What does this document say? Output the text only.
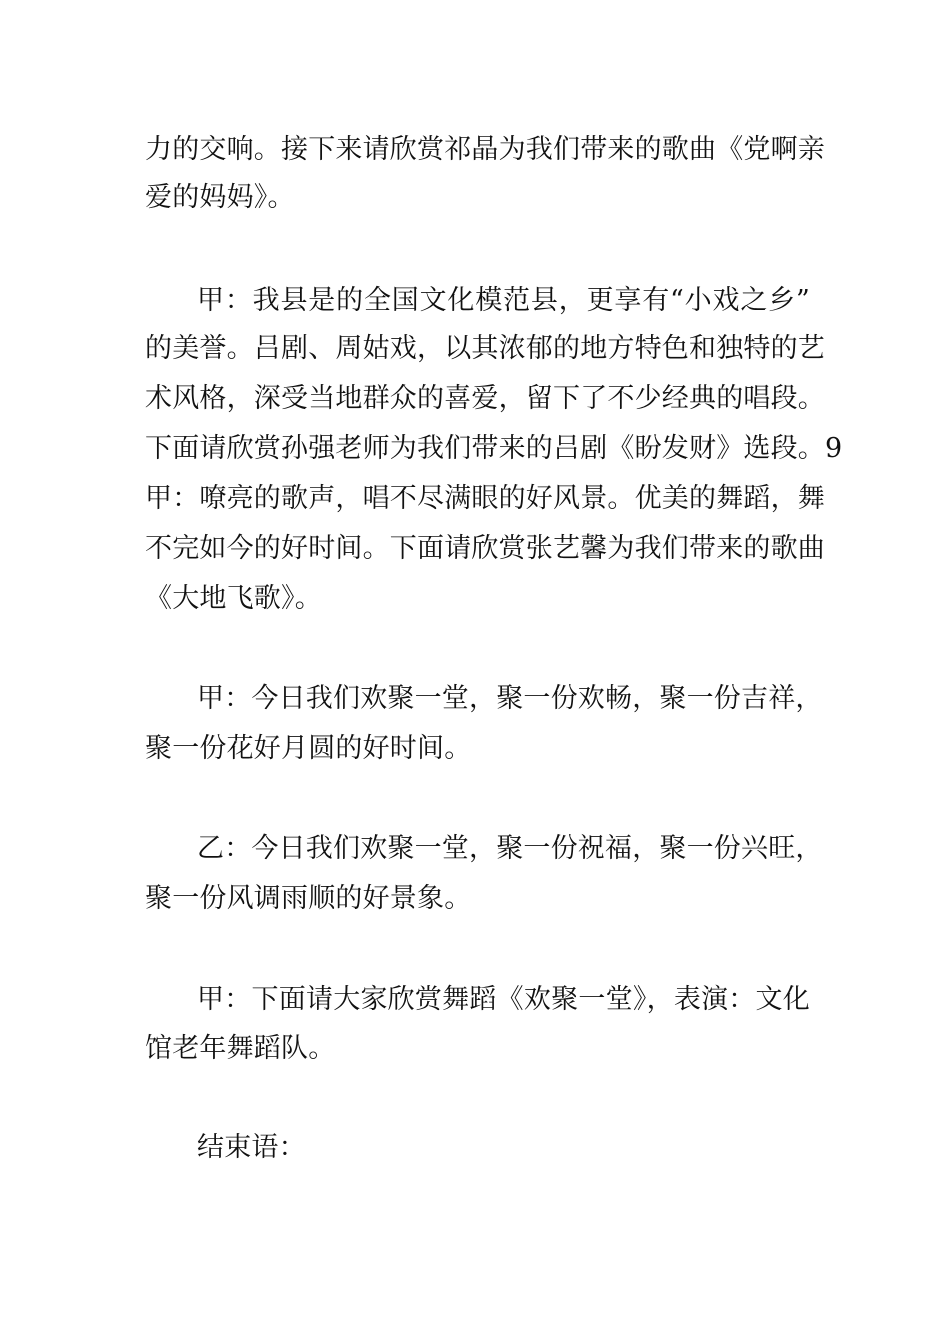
力的交响。接下来请欣赏祁晶为我们带来的歌曲《党啊亲
爱的妈妈》。
甲：我县是的全国文化模范县，更享有“小戏之乡”
的美誉。吕剧、周姑戏，以其浓郁的地方特色和独特的艺
术风格，深受当地群众的喜爱，留下了不少经典的唱段。
下面请欣赏孙强老师为我们带来的吕剧《盼发财》选段。9
甲：嘹亮的歌声，唱不尽满眼的好风景。优美的舞蹈，舞
不完如今的好时间。下面请欣赏张艺馨为我们带来的歌曲
《大地飞歌》。
甲：今日我们欢聚一堂，聚一份欢畅，聚一份吉祥，
聚一份花好月圆的好时间。
乙：今日我们欢聚一堂，聚一份祝福，聚一份兴旺，
聚一份风调雨顺的好景象。
甲：下面请大家欣赏舞蹈《欢聚一堂》，表演：文化
馆老年舞蹈队。
结束语：
